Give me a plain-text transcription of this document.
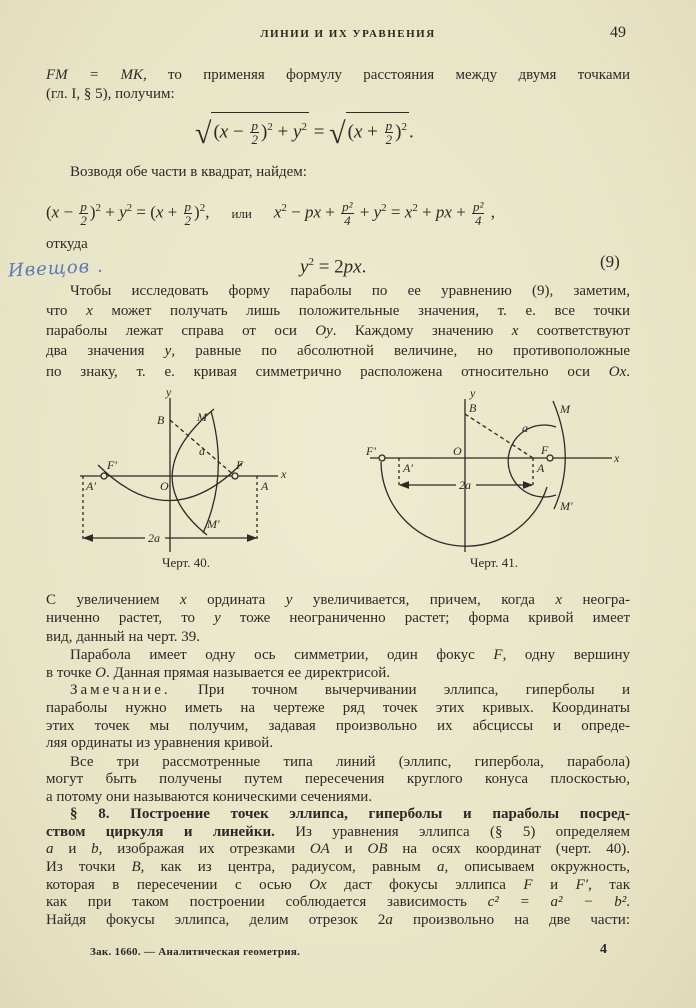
ЛИНИИ И ИХ УРАВНЕНИЯ	49
FM = MK, то применяя формулу расстояния между двумя точками
(гл. I, § 5), получим:
Возводя обе части в квадрат, найдем:
откуда
√ $(x - \frac{p}{2} )^2 + y^2$ = √ $(x + \frac{p}{2} )^2$ .
$(x - \frac{p}{2} )^2 + y^2 = (x + \frac{p}{2} )^2$, или $x^2$ − px + $\frac{\text{p²}}{4} + y^2 = x^2$ + px + $\frac{\text{p²}}{4}$ ,
$y^2 = 2px$.	(9)
Ивещов .
Чтобы исследовать форму параболы по ее уравнению (9), заметим,
что x может получать лишь положительные значения, т. е. все точки
параболы лежат справа от оси Oy. Каждому значению x соответствуют
два значения y, равные по абсолютной величине, но противоположные
по знаку, т. е. кривая симметрично расположена относительно оси Ox.
y
B	M
a
F′	F
O
A′	A
M′
2a
x
y
B	M
a
F′	O
A′	A
F
M′
2a
x
Черт. 40.	Черт. 41.
С увеличением x ордината y увеличивается, причем, когда x неогра-
ниченно растет, то y тоже неограниченно растет; форма кривой имеет
вид, данный на черт. 39.
Парабола имеет одну ось симметрии, один фокус F, одну вершину
в точке O. Данная прямая называется ее директрисой.
Замечание. При точном вычерчивании эллипса, гиперболы и
параболы нужно иметь на чертеже ряд точек этих кривых. Координаты
этих точек мы получим, задавая произвольно их абсциссы и опреде-
ляя ординаты из уравнения кривой.
Все три рассмотренные типа линий (эллипс, гипербола, парабола)
могут быть получены путем пересечения круглого конуса плоскостью,
а потому они называются коническими сечениями.
§ 8. Построение точек эллипса, гиперболы и параболы посред-
ством циркуля и линейки. Из уравнения эллипса (§ 5) определяем
a и b, изображая их отрезками OA и OB на осях координат (черт. 40).
Из точки B, как из центра, радиусом, равным a, описываем окружность,
которая в пересечении с осью Ox даст фокусы эллипса F и F′, так
как при таком построении соблюдается зависимость c² = a² − b².
Найдя фокусы эллипса, делим отрезок 2a произвольно на две части:
Зак. 1660. — Аналитическая геометрия.	4
